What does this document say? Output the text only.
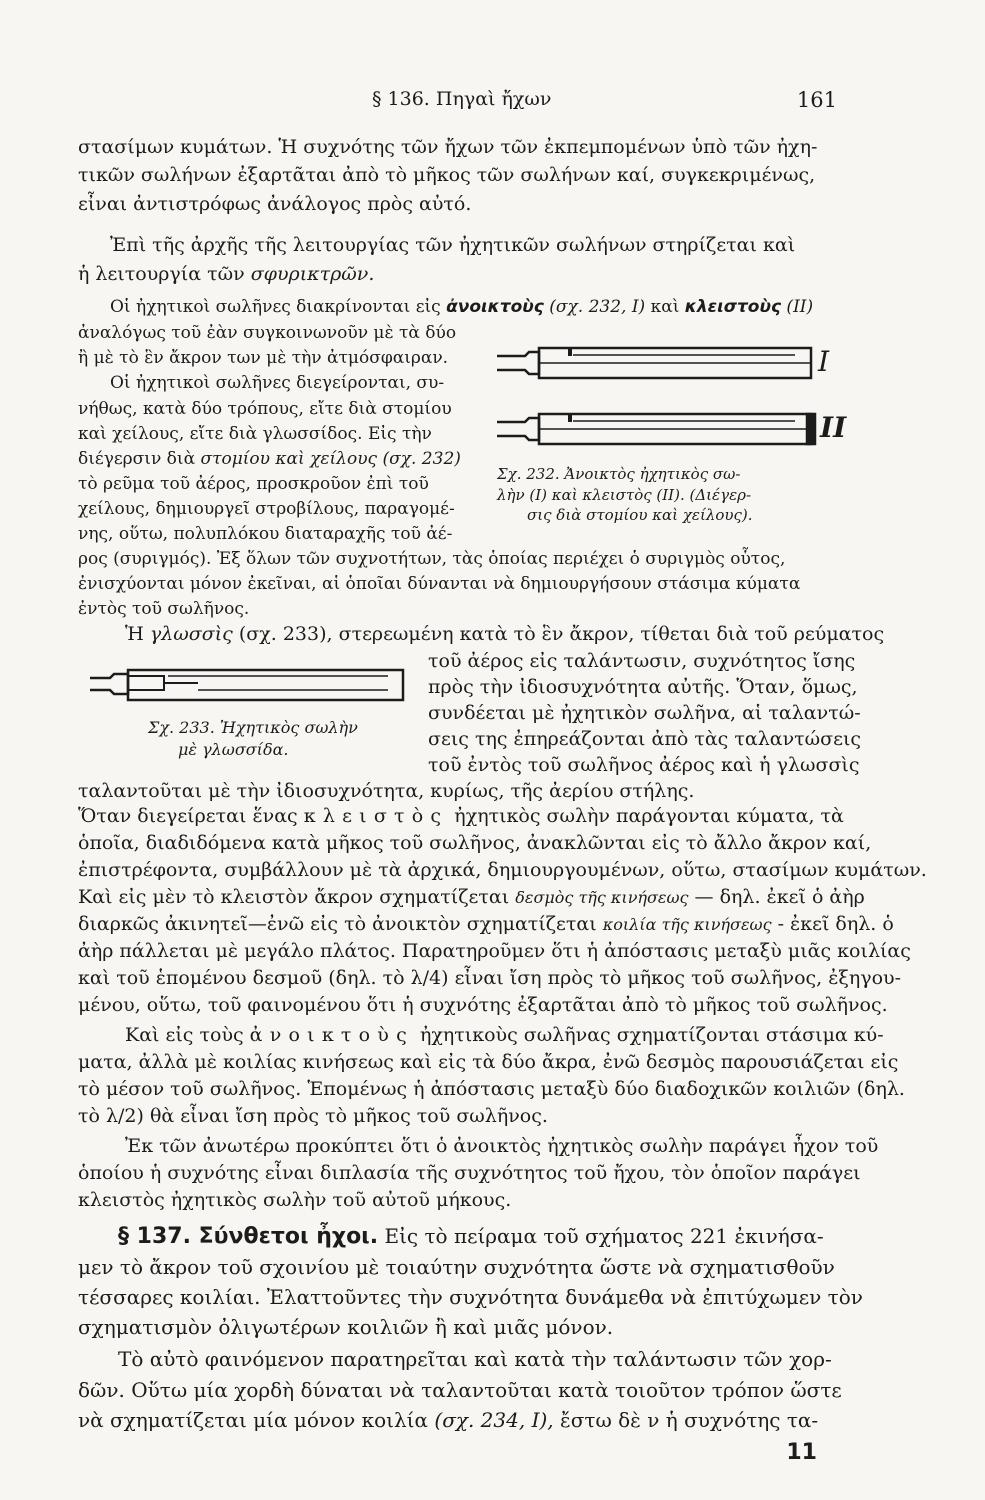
§ 136. Πηγαὶ ἤχων	161
στασίμων κυμάτων. Ἡ συχνότης τῶν ἤχων τῶν ἐκπεμπομένων ὑπὸ τῶν ἠχη-
τικῶν σωλήνων ἐξαρτᾶται ἀπὸ τὸ μῆκος τῶν σωλήνων καί, συγκεκριμένως,
εἶναι ἀντιστρόφως ἀνάλογος πρὸς αὐτό.
Ἐπὶ τῆς ἀρχῆς τῆς λειτουργίας τῶν ἠχητικῶν σωλήνων στηρίζεται καὶ
ἡ λειτουργία τῶν σφυρικτρῶν.
Οἱ ἠχητικοὶ σωλῆνες διακρίνονται εἰς ἀνοικτοὺς (σχ. 232, I) καὶ κλειστοὺς (II)
ἀναλόγως τοῦ ἐὰν συγκοινωνοῦν μὲ τὰ δύο
ἢ μὲ τὸ ἓν ἄκρον των μὲ τὴν ἀτμόσφαιραν.
Οἱ ἠχητικοὶ σωλῆνες διεγείρονται, συ-
νήθως, κατὰ δύο τρόπους, εἴτε διὰ στομίου
καὶ χείλους, εἴτε διὰ γλωσσίδος. Εἰς τὴν
διέγερσιν διὰ στομίου καὶ χείλους (σχ. 232)
τὸ ρεῦμα τοῦ ἀέρος, προσκροῦον ἐπὶ τοῦ
χείλους, δημιουργεῖ στροβίλους, παραγομέ-
νης, οὕτω, πολυπλόκου διαταραχῆς τοῦ ἀέ-
ρος (συριγμός). Ἐξ ὅλων τῶν συχνοτήτων, τὰς ὁποίας περιέχει ὁ συριγμὸς οὗτος,
ἐνισχύονται μόνον ἐκεῖναι, αἱ ὁποῖαι δύνανται νὰ δημιουργήσουν στάσιμα κύματα
ἐντὸς τοῦ σωλῆνος.
I
II
Σχ. 232. Ἀνοικτὸς ἠχητικὸς σω-
λὴν (I) καὶ κλειστὸς (II). (Διέγερ-
σις διὰ στομίου καὶ χείλους).
Ἡ γλωσσὶς (σχ. 233), στερεωμένη κατὰ τὸ ἓν ἄκρον, τίθεται διὰ τοῦ ρεύματος
τοῦ ἀέρος εἰς ταλάντωσιν, συχνότητος ἴσης
πρὸς τὴν ἰδιοσυχνότητα αὐτῆς. Ὅταν, ὅμως,
συνδέεται μὲ ἠχητικὸν σωλῆνα, αἱ ταλαντώ-
σεις της ἐπηρεάζονται ἀπὸ τὰς ταλαντώσεις
τοῦ ἐντὸς τοῦ σωλῆνος ἀέρος καὶ ἡ γλωσσὶς
ταλαντοῦται μὲ τὴν ἰδιοσυχνότητα, κυρίως, τῆς ἀερίου στήλης.
Σχ. 233. Ἠχητικὸς σωλὴν
μὲ γλωσσίδα.
Ὅταν διεγείρεται ἕνας κλειστὸς ἠχητικὸς σωλὴν παράγονται κύματα, τὰ
ὁποῖα, διαδιδόμενα κατὰ μῆκος τοῦ σωλῆνος, ἀνακλῶνται εἰς τὸ ἄλλο ἄκρον καί,
ἐπιστρέφοντα, συμβάλλουν μὲ τὰ ἀρχικά, δημιουργουμένων, οὕτω, στασίμων κυμάτων.
Καὶ εἰς μὲν τὸ κλειστὸν ἄκρον σχηματίζεται δεσμὸς τῆς κινήσεως — δηλ. ἐκεῖ ὁ ἀὴρ
διαρκῶς ἀκινητεῖ—ἐνῶ εἰς τὸ ἀνοικτὸν σχηματίζεται κοιλία τῆς κινήσεως - ἐκεῖ δηλ. ὁ
ἀὴρ πάλλεται μὲ μεγάλο πλάτος. Παρατηροῦμεν ὅτι ἡ ἀπόστασις μεταξὺ μιᾶς κοιλίας
καὶ τοῦ ἑπομένου δεσμοῦ (δηλ. τὸ λ/4) εἶναι ἴση πρὸς τὸ μῆκος τοῦ σωλῆνος, ἐξηγου-
μένου, οὕτω, τοῦ φαινομένου ὅτι ἡ συχνότης ἐξαρτᾶται ἀπὸ τὸ μῆκος τοῦ σωλῆνος.
Καὶ εἰς τοὺς ἀνοικτοὺς ἠχητικοὺς σωλῆνας σχηματίζονται στάσιμα κύ-
ματα, ἀλλὰ μὲ κοιλίας κινήσεως καὶ εἰς τὰ δύο ἄκρα, ἐνῶ δεσμὸς παρουσιάζεται εἰς
τὸ μέσον τοῦ σωλῆνος. Ἑπομένως ἡ ἀπόστασις μεταξὺ δύο διαδοχικῶν κοιλιῶν (δηλ.
τὸ λ/2) θὰ εἶναι ἴση πρὸς τὸ μῆκος τοῦ σωλῆνος.
Ἐκ τῶν ἀνωτέρω προκύπτει ὅτι ὁ ἀνοικτὸς ἠχητικὸς σωλὴν παράγει ἦχον τοῦ
ὁποίου ἡ συχνότης εἶναι διπλασία τῆς συχνότητος τοῦ ἤχου, τὸν ὁποῖον παράγει
κλειστὸς ἠχητικὸς σωλὴν τοῦ αὐτοῦ μήκους.
§ 137. Σύνθετοι ἦχοι. Εἰς τὸ πείραμα τοῦ σχήματος 221 ἐκινήσα-
μεν τὸ ἄκρον τοῦ σχοινίου μὲ τοιαύτην συχνότητα ὥστε νὰ σχηματισθοῦν
τέσσαρες κοιλίαι. Ἐλαττοῦντες τὴν συχνότητα δυνάμεθα νὰ ἐπιτύχωμεν τὸν
σχηματισμὸν ὀλιγωτέρων κοιλιῶν ἢ καὶ μιᾶς μόνον.
Τὸ αὐτὸ φαινόμενον παρατηρεῖται καὶ κατὰ τὴν ταλάντωσιν τῶν χορ-
δῶν. Οὕτω μία χορδὴ δύναται νὰ ταλαντοῦται κατὰ τοιοῦτον τρόπον ὥστε
νὰ σχηματίζεται μία μόνον κοιλία (σχ. 234, I), ἔστω δὲ ν ἡ συχνότης τα-
11
